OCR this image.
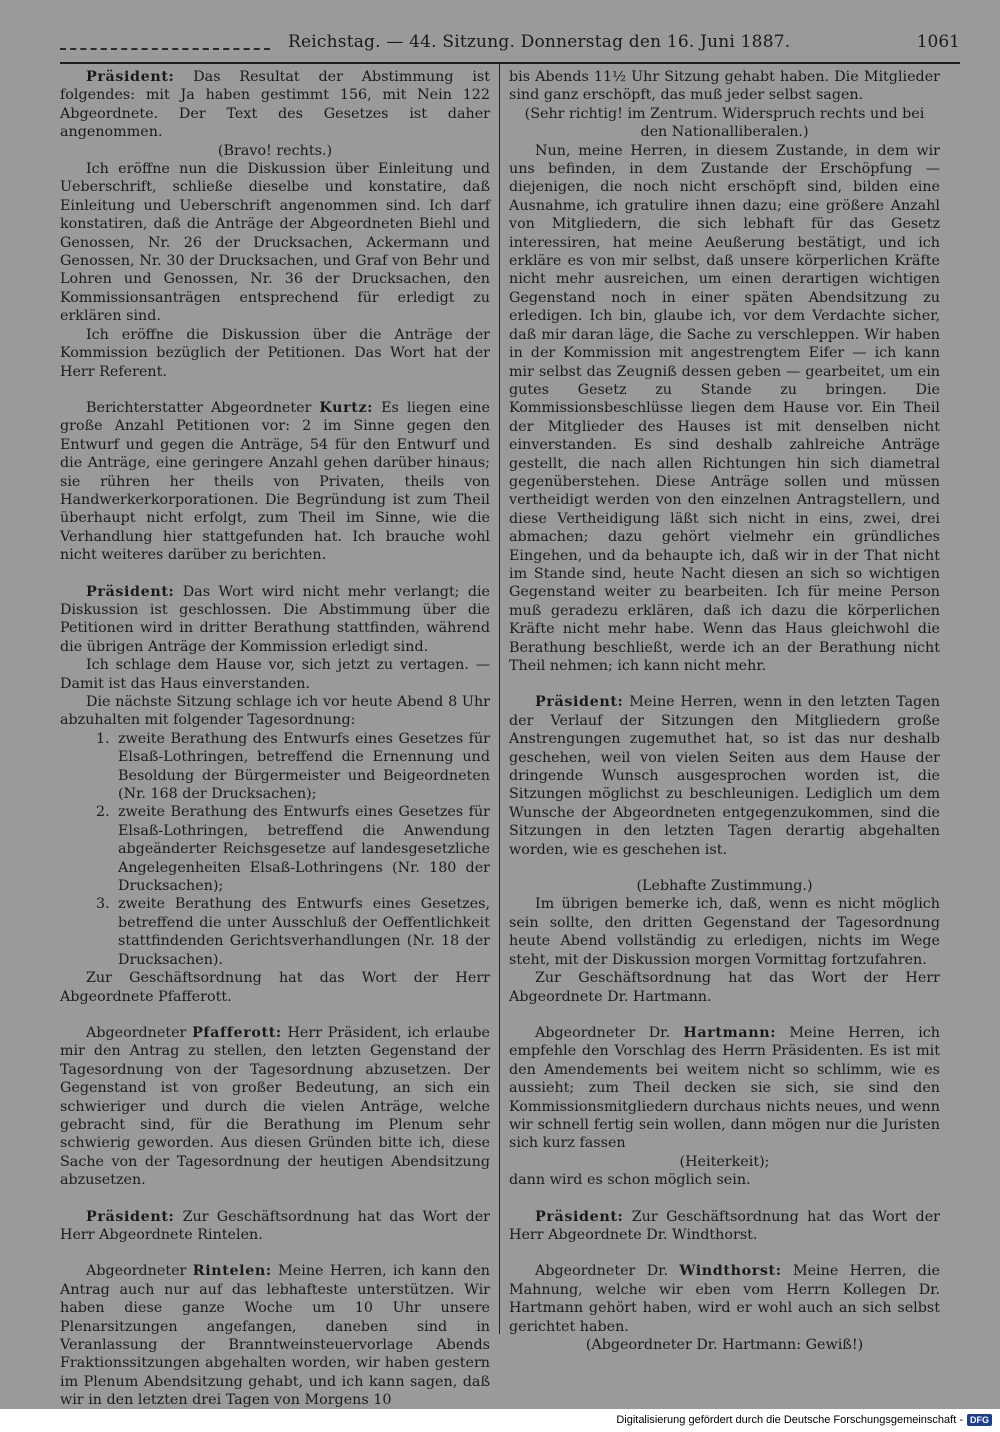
Reichstag. — 44. Sitzung. Donnerstag den 16. Juni 1887.	1061

Präsident: Das Resultat der Abstimmung ist folgendes: mit Ja haben gestimmt 156, mit Nein 122 Abgeordnete. Der Text des Gesetzes ist daher angenommen.

(Bravo! rechts.)

Ich eröffne nun die Diskussion über Einleitung und Ueberschrift, schließe dieselbe und konstatire, daß Einleitung und Ueberschrift angenommen sind. Ich darf konstatiren, daß die Anträge der Abgeordneten Biehl und Genossen, Nr. 26 der Drucksachen, Ackermann und Genossen, Nr. 30 der Drucksachen, und Graf von Behr und Lohren und Genossen, Nr. 36 der Drucksachen, den Kommissionsanträgen entsprechend für erledigt zu erklären sind.

Ich eröffne die Diskussion über die Anträge der Kommission bezüglich der Petitionen. Das Wort hat der Herr Referent.

Berichterstatter Abgeordneter Kurtz: Es liegen eine große Anzahl Petitionen vor: 2 im Sinne gegen den Entwurf und gegen die Anträge, 54 für den Entwurf und die Anträge, eine geringere Anzahl gehen darüber hinaus; sie rühren her theils von Privaten, theils von Handwerkerkorporationen. Die Begründung ist zum Theil überhaupt nicht erfolgt, zum Theil im Sinne, wie die Verhandlung hier stattgefunden hat. Ich brauche wohl nicht weiteres darüber zu berichten.

Präsident: Das Wort wird nicht mehr verlangt; die Diskussion ist geschlossen. Die Abstimmung über die Petitionen wird in dritter Berathung stattfinden, während die übrigen Anträge der Kommission erledigt sind.

Ich schlage dem Hause vor, sich jetzt zu vertagen. — Damit ist das Haus einverstanden.

Die nächste Sitzung schlage ich vor heute Abend 8 Uhr abzuhalten mit folgender Tagesordnung:

1. zweite Berathung des Entwurfs eines Gesetzes für Elsaß-Lothringen, betreffend die Ernennung und Besoldung der Bürgermeister und Beigeordneten (Nr. 168 der Drucksachen);
2. zweite Berathung des Entwurfs eines Gesetzes für Elsaß-Lothringen, betreffend die Anwendung abgeänderter Reichsgesetze auf landesgesetzliche Angelegenheiten Elsaß-Lothringens (Nr. 180 der Drucksachen);
3. zweite Berathung des Entwurfs eines Gesetzes, betreffend die unter Ausschluß der Oeffentlichkeit stattfindenden Gerichtsverhandlungen (Nr. 18 der Drucksachen).

Zur Geschäftsordnung hat das Wort der Herr Abgeordnete Pfafferott.

Abgeordneter Pfafferott: Herr Präsident, ich erlaube mir den Antrag zu stellen, den letzten Gegenstand der Tagesordnung von der Tagesordnung abzusetzen. Der Gegenstand ist von großer Bedeutung, an sich ein schwieriger und durch die vielen Anträge, welche gebracht sind, für die Berathung im Plenum sehr schwierig geworden. Aus diesen Gründen bitte ich, diese Sache von der Tagesordnung der heutigen Abendsitzung abzusetzen.

Präsident: Zur Geschäftsordnung hat das Wort der Herr Abgeordnete Rintelen.

Abgeordneter Rintelen: Meine Herren, ich kann den Antrag auch nur auf das lebhafteste unterstützen. Wir haben diese ganze Woche um 10 Uhr unsere Plenarsitzungen angefangen, daneben sind in Veranlassung der Branntweinsteuervorlage Abends Fraktionssitzungen abgehalten worden, wir haben gestern im Plenum Abendsitzung gehabt, und ich kann sagen, daß wir in den letzten drei Tagen von Morgens 10

bis Abends 11½ Uhr Sitzung gehabt haben. Die Mitglieder sind ganz erschöpft, das muß jeder selbst sagen.

(Sehr richtig! im Zentrum. Widerspruch rechts und bei den Nationalliberalen.)

Nun, meine Herren, in diesem Zustande, in dem wir uns befinden, in dem Zustande der Erschöpfung — diejenigen, die noch nicht erschöpft sind, bilden eine Ausnahme, ich gratulire ihnen dazu; eine größere Anzahl von Mitgliedern, die sich lebhaft für das Gesetz interessiren, hat meine Aeußerung bestätigt, und ich erkläre es von mir selbst, daß unsere körperlichen Kräfte nicht mehr ausreichen, um einen derartigen wichtigen Gegenstand noch in einer späten Abendsitzung zu erledigen. Ich bin, glaube ich, vor dem Verdachte sicher, daß mir daran läge, die Sache zu verschleppen. Wir haben in der Kommission mit angestrengtem Eifer — ich kann mir selbst das Zeugniß dessen geben — gearbeitet, um ein gutes Gesetz zu Stande zu bringen. Die Kommissionsbeschlüsse liegen dem Hause vor. Ein Theil der Mitglieder des Hauses ist mit denselben nicht einverstanden. Es sind deshalb zahlreiche Anträge gestellt, die nach allen Richtungen hin sich diametral gegenüberstehen. Diese Anträge sollen und müssen vertheidigt werden von den einzelnen Antragstellern, und diese Vertheidigung läßt sich nicht in eins, zwei, drei abmachen; dazu gehört vielmehr ein gründliches Eingehen, und da behaupte ich, daß wir in der That nicht im Stande sind, heute Nacht diesen an sich so wichtigen Gegenstand weiter zu bearbeiten. Ich für meine Person muß geradezu erklären, daß ich dazu die körperlichen Kräfte nicht mehr habe. Wenn das Haus gleichwohl die Berathung beschließt, werde ich an der Berathung nicht Theil nehmen; ich kann nicht mehr.

Präsident: Meine Herren, wenn in den letzten Tagen der Verlauf der Sitzungen den Mitgliedern große Anstrengungen zugemuthet hat, so ist das nur deshalb geschehen, weil von vielen Seiten aus dem Hause der dringende Wunsch ausgesprochen worden ist, die Sitzungen möglichst zu beschleunigen. Lediglich um dem Wunsche der Abgeordneten entgegenzukommen, sind die Sitzungen in den letzten Tagen derartig abgehalten worden, wie es geschehen ist.

(Lebhafte Zustimmung.)

Im übrigen bemerke ich, daß, wenn es nicht möglich sein sollte, den dritten Gegenstand der Tagesordnung heute Abend vollständig zu erledigen, nichts im Wege steht, mit der Diskussion morgen Vormittag fortzufahren.

Zur Geschäftsordnung hat das Wort der Herr Abgeordnete Dr. Hartmann.

Abgeordneter Dr. Hartmann: Meine Herren, ich empfehle den Vorschlag des Herrn Präsidenten. Es ist mit den Amendements bei weitem nicht so schlimm, wie es aussieht; zum Theil decken sie sich, sie sind den Kommissionsmitgliedern durchaus nichts neues, und wenn wir schnell fertig sein wollen, dann mögen nur die Juristen sich kurz fassen

(Heiterkeit);

dann wird es schon möglich sein.

Präsident: Zur Geschäftsordnung hat das Wort der Herr Abgeordnete Dr. Windthorst.

Abgeordneter Dr. Windthorst: Meine Herren, die Mahnung, welche wir eben vom Herrn Kollegen Dr. Hartmann gehört haben, wird er wohl auch an sich selbst gerichtet haben.

(Abgeordneter Dr. Hartmann: Gewiß!)

Digitalisierung gefördert durch die Deutsche Forschungsgemeinschaft - DFG
